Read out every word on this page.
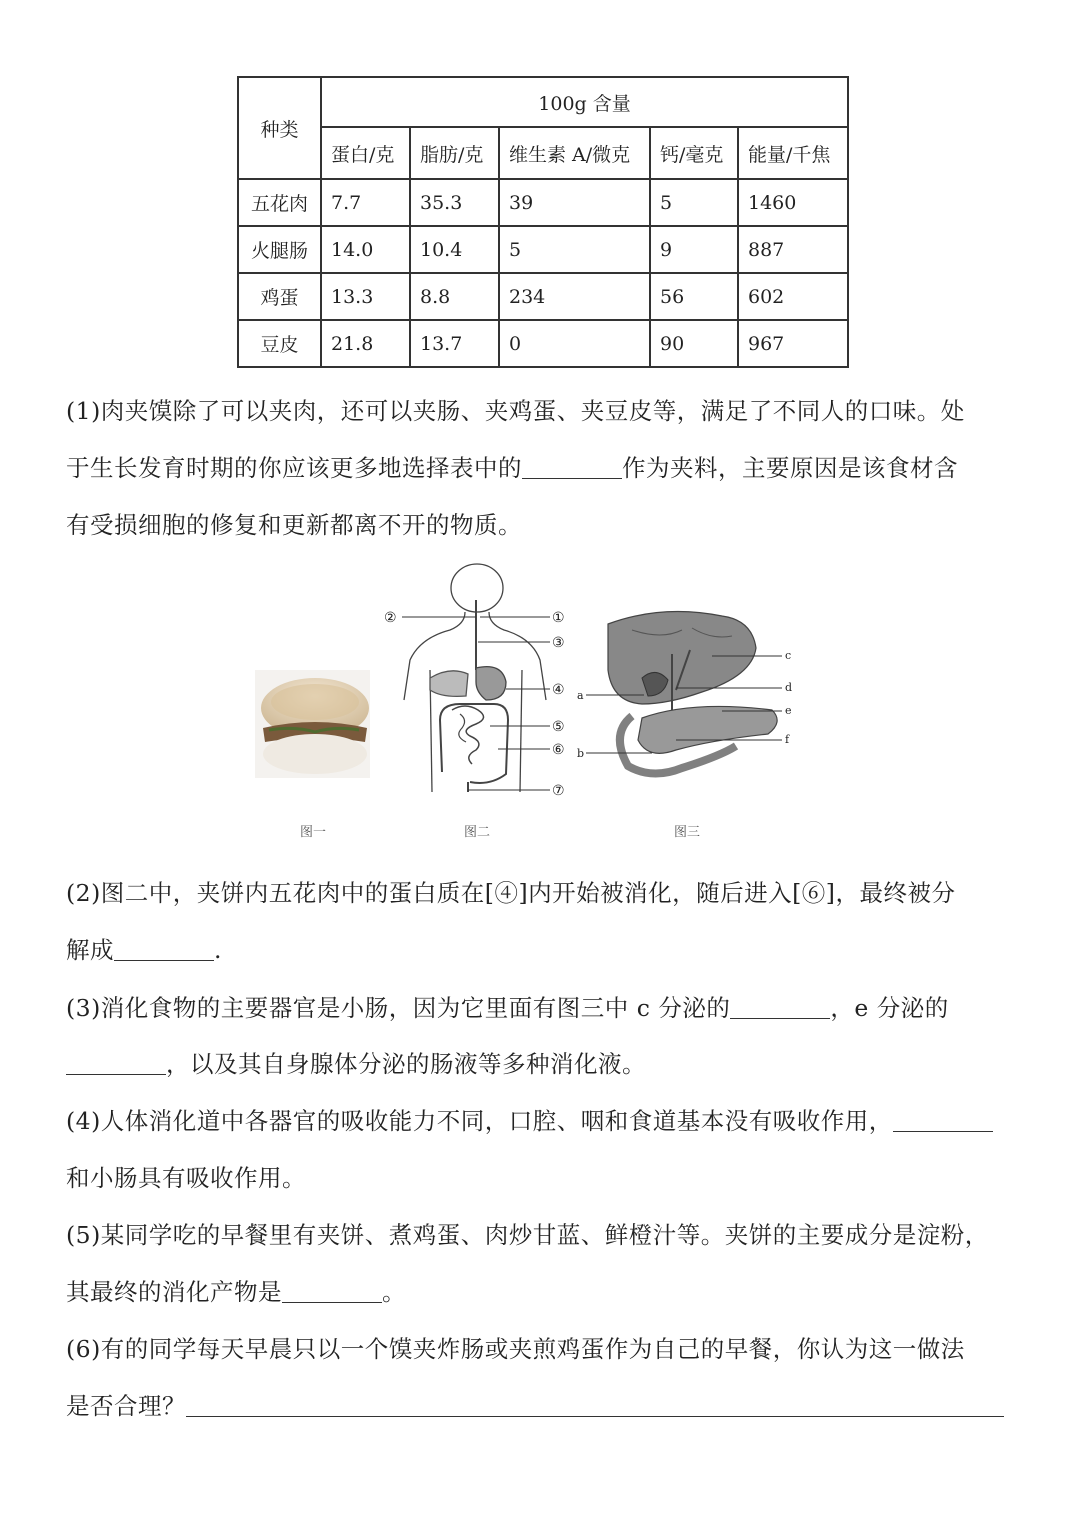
种类	100g 含量				
	蛋白/克	脂肪/克	维生素 A/微克	钙/毫克	能量/千焦
五花肉	7.7	35.3	39	5	1460
火腿肠	14.0	10.4	5	9	887
鸡蛋	13.3	8.8	234	56	602
豆皮	21.8	13.7	0	90	967
(1)肉夹馍除了可以夹肉，还可以夹肠、夹鸡蛋、夹豆皮等，满足了不同人的口味。处
于生长发育时期的你应该更多地选择表中的	作为夹料，主要原因是该食材含
有受损细胞的修复和更新都离不开的物质。
图一
②	①
③
④
⑤
⑥
⑦
图二
a
b
c
d
e
f
图三
(2)图二中，夹饼内五花肉中的蛋白质在[④]内开始被消化，随后进入[⑥]，最终被分
解成	.
(3)消化食物的主要器官是小肠，因为它里面有图三中 c 分泌的	，e 分泌的
，以及其自身腺体分泌的肠液等多种消化液。
(4)人体消化道中各器官的吸收能力不同，口腔、咽和食道基本没有吸收作用，
和小肠具有吸收作用。
(5)某同学吃的早餐里有夹饼、煮鸡蛋、肉炒甘蓝、鲜橙汁等。夹饼的主要成分是淀粉，
其最终的消化产物是	。
(6)有的同学每天早晨只以一个馍夹炸肠或夹煎鸡蛋作为自己的早餐，你认为这一做法
是否合理？
